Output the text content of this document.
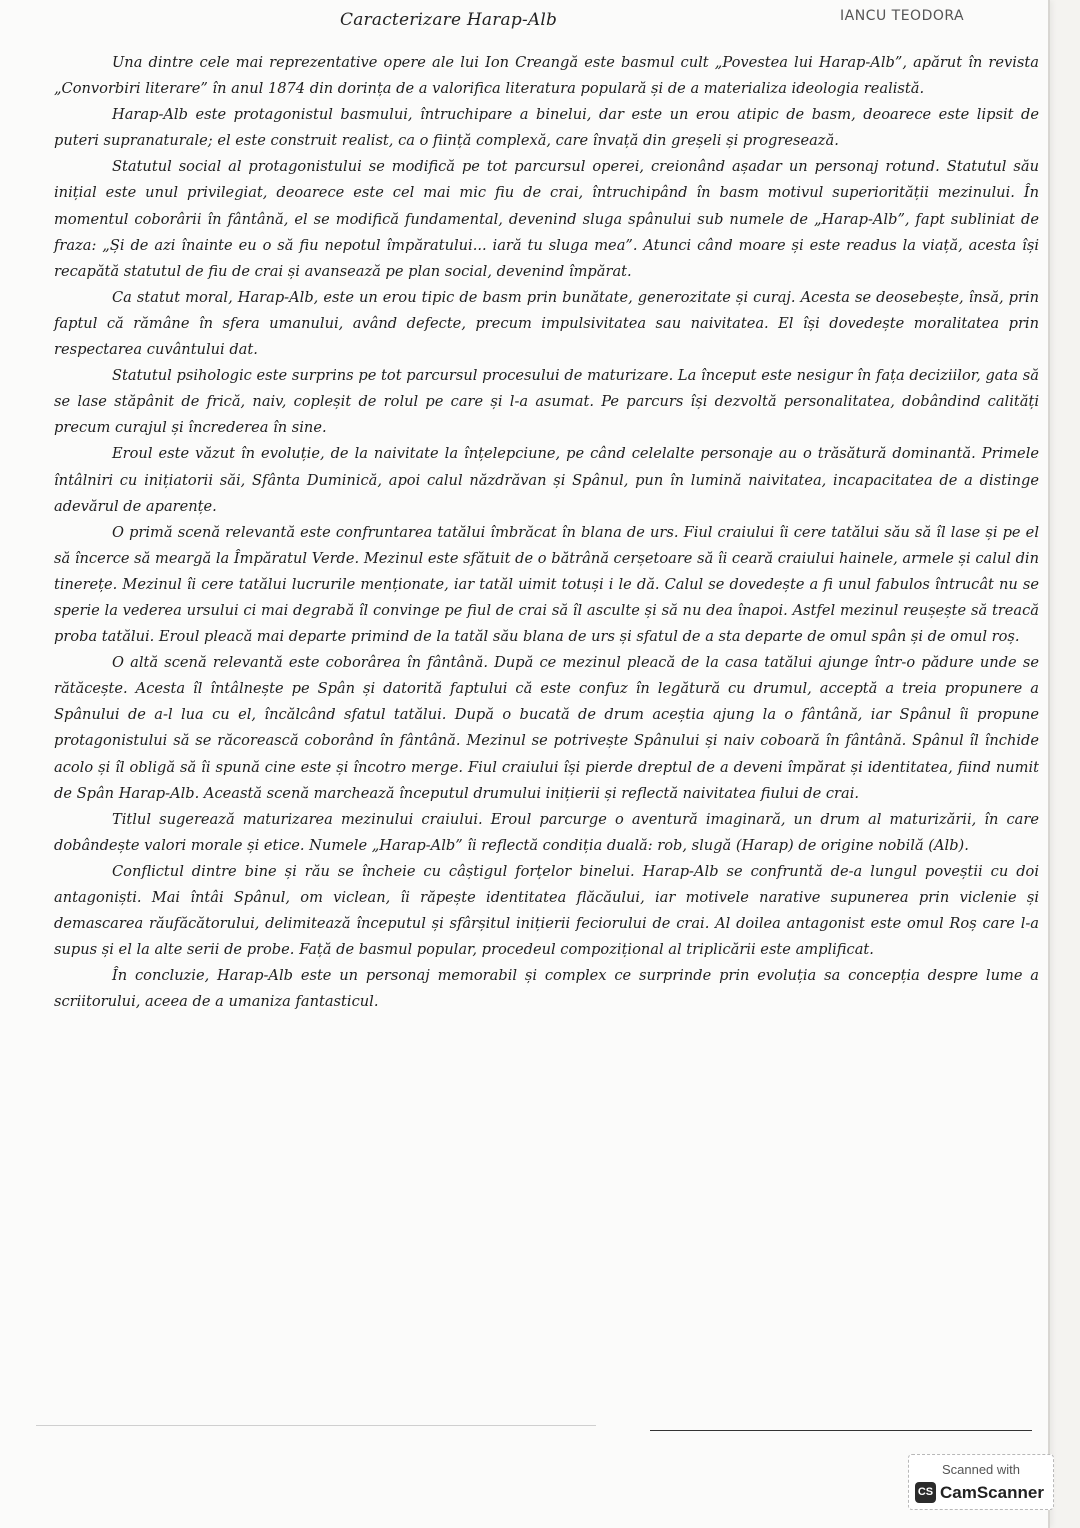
Caracterizare Harap-Alb	IANCU TEODORA

Una dintre cele mai reprezentative opere ale lui Ion Creangă este basmul cult „Povestea lui Harap-Alb”, apărut în revista „Convorbiri literare” în anul 1874 din dorința de a valorifica literatura populară și de a materializa ideologia realistă.

Harap-Alb este protagonistul basmului, întruchipare a binelui, dar este un erou atipic de basm, deoarece este lipsit de puteri supranaturale; el este construit realist, ca o ființă complexă, care învață din greșeli și progresează.

Statutul social al protagonistului se modifică pe tot parcursul operei, creionând așadar un personaj rotund. Statutul său inițial este unul privilegiat, deoarece este cel mai mic fiu de crai, întruchipând în basm motivul superiorității mezinului. În momentul coborârii în fântână, el se modifică fundamental, devenind sluga spânului sub numele de „Harap-Alb”, fapt subliniat de fraza: „Și de azi înainte eu o să fiu nepotul împăratului... iară tu sluga mea”. Atunci când moare și este readus la viață, acesta își recapătă statutul de fiu de crai și avansează pe plan social, devenind împărat.

Ca statut moral, Harap-Alb, este un erou tipic de basm prin bunătate, generozitate și curaj. Acesta se deosebește, însă, prin faptul că rămâne în sfera umanului, având defecte, precum impulsivitatea sau naivitatea. El își dovedește moralitatea prin respectarea cuvântului dat.

Statutul psihologic este surprins pe tot parcursul procesului de maturizare. La început este nesigur în fața deciziilor, gata să se lase stăpânit de frică, naiv, copleșit de rolul pe care și l-a asumat. Pe parcurs își dezvoltă personalitatea, dobândind calități precum curajul și încrederea în sine.

Eroul este văzut în evoluție, de la naivitate la înțelepciune, pe când celelalte personaje au o trăsătură dominantă. Primele întâlniri cu inițiatorii săi, Sfânta Duminică, apoi calul năzdrăvan și Spânul, pun în lumină naivitatea, incapacitatea de a distinge adevărul de aparențe.

O primă scenă relevantă este confruntarea tatălui îmbrăcat în blana de urs. Fiul craiului îi cere tatălui său să îl lase și pe el să încerce să meargă la Împăratul Verde. Mezinul este sfătuit de o bătrână cerșetoare să îi ceară craiului hainele, armele și calul din tinerețe. Mezinul îi cere tatălui lucrurile menționate, iar tatăl uimit totuși i le dă. Calul se dovedește a fi unul fabulos întrucât nu se sperie la vederea ursului ci mai degrabă îl convinge pe fiul de crai să îl asculte și să nu dea înapoi. Astfel mezinul reușește să treacă proba tatălui. Eroul pleacă mai departe primind de la tatăl său blana de urs și sfatul de a sta departe de omul spân și de omul roș.

O altă scenă relevantă este coborârea în fântână. După ce mezinul pleacă de la casa tatălui ajunge într-o pădure unde se rătăcește. Acesta îl întâlnește pe Spân și datorită faptului că este confuz în legătură cu drumul, acceptă a treia propunere a Spânului de a-l lua cu el, încălcând sfatul tatălui. După o bucată de drum aceștia ajung la o fântână, iar Spânul îi propune protagonistului să se răcorească coborând în fântână. Mezinul se potrivește Spânului și naiv coboară în fântână. Spânul îl închide acolo și îl obligă să îi spună cine este și încotro merge. Fiul craiului își pierde dreptul de a deveni împărat și identitatea, fiind numit de Spân Harap-Alb. Această scenă marchează începutul drumului inițierii și reflectă naivitatea fiului de crai.

Titlul sugerează maturizarea mezinului craiului. Eroul parcurge o aventură imaginară, un drum al maturizării, în care dobândește valori morale și etice. Numele „Harap-Alb” îi reflectă condiția duală: rob, slugă (Harap) de origine nobilă (Alb).

Conflictul dintre bine și rău se încheie cu câștigul forțelor binelui. Harap-Alb se confruntă de-a lungul poveștii cu doi antagoniști. Mai întâi Spânul, om viclean, îi răpește identitatea flăcăului, iar motivele narative supunerea prin viclenie și demascarea răufăcătorului, delimitează începutul și sfârșitul inițierii feciorului de crai. Al doilea antagonist este omul Roș care l-a supus și el la alte serii de probe. Față de basmul popular, procedeul compozițional al triplicării este amplificat.

În concluzie, Harap-Alb este un personaj memorabil și complex ce surprinde prin evoluția sa concepția despre lume a scriitorului, aceea de a umaniza fantasticul.

Scanned with
CS CamScanner
